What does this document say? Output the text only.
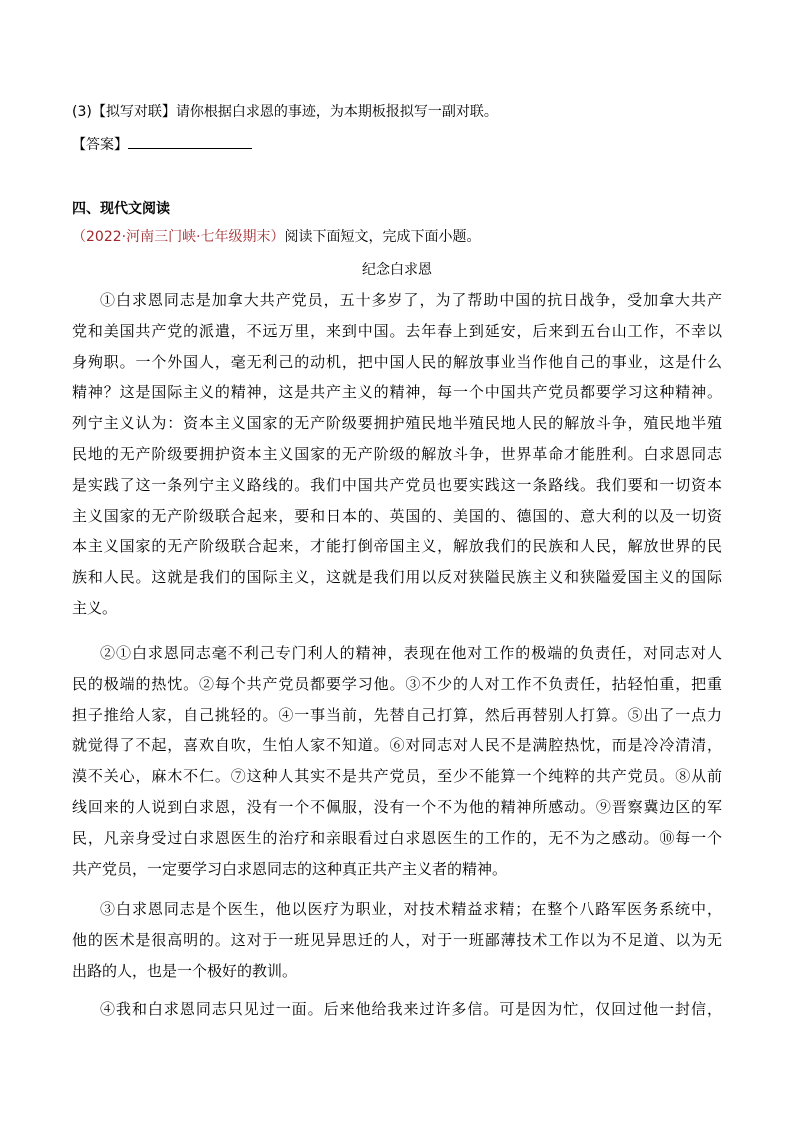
(3)【拟写对联】请你根据白求恩的事迹，为本期板报拟写一副对联。
【答案】
四、现代文阅读
（2022·河南三门峡·七年级期末）阅读下面短文，完成下面小题。
纪念白求恩
①白求恩同志是加拿大共产党员，五十多岁了，为了帮助中国的抗日战争，受加拿大共产
党和美国共产党的派遣，不远万里，来到中国。去年春上到延安，后来到五台山工作，不幸以
身殉职。一个外国人，毫无利己的动机，把中国人民的解放事业当作他自己的事业，这是什么
精神？这是国际主义的精神，这是共产主义的精神，每一个中国共产党员都要学习这种精神。
列宁主义认为：资本主义国家的无产阶级要拥护殖民地半殖民地人民的解放斗争，殖民地半殖
民地的无产阶级要拥护资本主义国家的无产阶级的解放斗争，世界革命才能胜利。白求恩同志
是实践了这一条列宁主义路线的。我们中国共产党员也要实践这一条路线。我们要和一切资本
主义国家的无产阶级联合起来，要和日本的、英国的、美国的、德国的、意大利的以及一切资
本主义国家的无产阶级联合起来，才能打倒帝国主义，解放我们的民族和人民，解放世界的民
族和人民。这就是我们的国际主义，这就是我们用以反对狭隘民族主义和狭隘爱国主义的国际
主义。
②①白求恩同志毫不利己专门利人的精神，表现在他对工作的极端的负责任，对同志对人
民的极端的热忱。②每个共产党员都要学习他。③不少的人对工作不负责任，拈轻怕重，把重
担子推给人家，自己挑轻的。④一事当前，先替自己打算，然后再替别人打算。⑤出了一点力
就觉得了不起，喜欢自吹，生怕人家不知道。⑥对同志对人民不是满腔热忱，而是冷冷清清，
漠不关心，麻木不仁。⑦这种人其实不是共产党员，至少不能算一个纯粹的共产党员。⑧从前
线回来的人说到白求恩，没有一个不佩服，没有一个不为他的精神所感动。⑨晋察冀边区的军
民，凡亲身受过白求恩医生的治疗和亲眼看过白求恩医生的工作的，无不为之感动。⑩每一个
共产党员，一定要学习白求恩同志的这种真正共产主义者的精神。
③白求恩同志是个医生，他以医疗为职业，对技术精益求精；在整个八路军医务系统中，
他的医术是很高明的。这对于一班见异思迁的人，对于一班鄙薄技术工作以为不足道、以为无
出路的人，也是一个极好的教训。
④我和白求恩同志只见过一面。后来他给我来过许多信。可是因为忙，仅回过他一封信，
